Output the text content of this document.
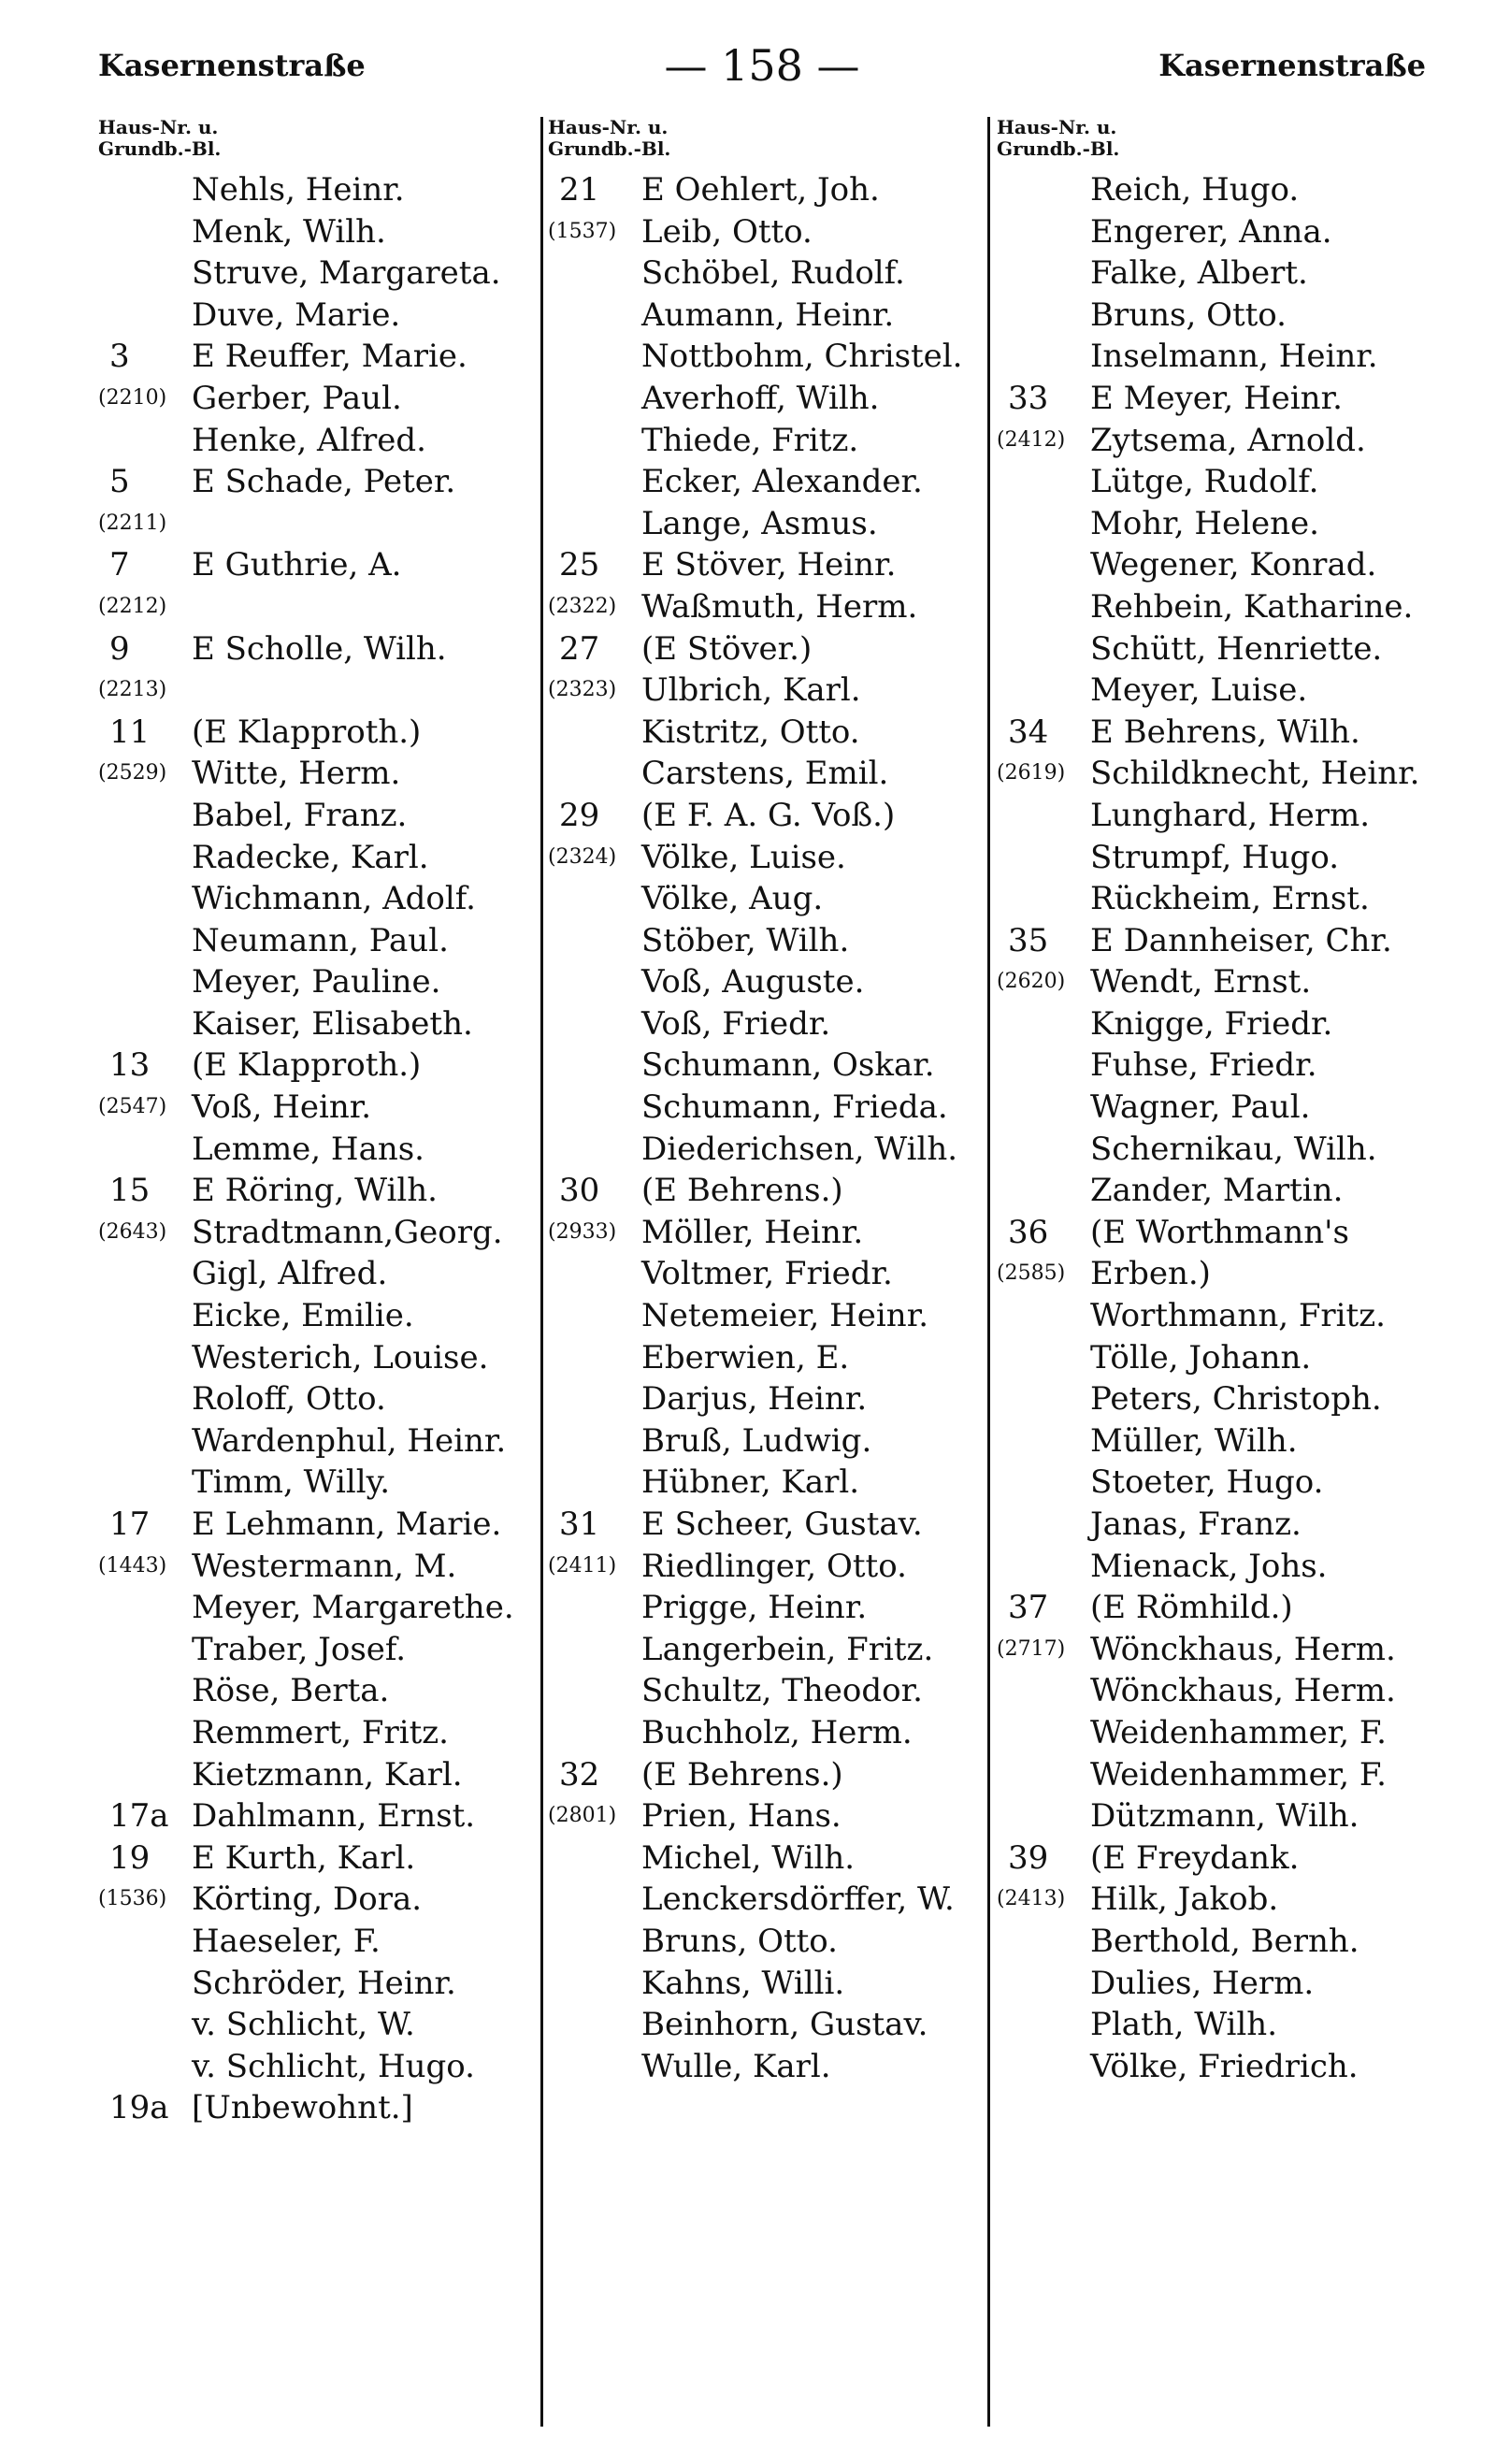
Kasernenstraße	— 158 —	Kasernenstraße
Haus-Nr. u.
Grundb.-Bl.
Nehls, Heinr.
Menk, Wilh.
Struve, Margareta.
Duve, Marie.
3	E Reuffer, Marie.
(2210) Gerber, Paul.
Henke, Alfred.
5	E Schade, Peter.
(2211)
7	E Guthrie, A.
(2212)
9	E Scholle, Wilh.
(2213)
11	(E Klapproth.)
(2529) Witte, Herm.
Babel, Franz.
Radecke, Karl.
Wichmann, Adolf.
Neumann, Paul.
Meyer, Pauline.
Kaiser, Elisabeth.
13	(E Klapproth.)
(2547) Voß, Heinr.
Lemme, Hans.
15	E Röring, Wilh.
(2643) Stradtmann,Georg.
Gigl, Alfred.
Eicke, Emilie.
Westerich, Louise.
Roloff, Otto.
Wardenphul, Heinr.
Timm, Willy.
17	E Lehmann, Marie.
(1443) Westermann, M.
Meyer, Margarethe.
Traber, Josef.
Röse, Berta.
Remmert, Fritz.
Kietzmann, Karl.
17a Dahlmann, Ernst.
19	E Kurth, Karl.
(1536) Körting, Dora.
Haeseler, F.
Schröder, Heinr.
v. Schlicht, W.
v. Schlicht, Hugo.
19a [Unbewohnt.]
Haus-Nr. u.
Grundb.-Bl.
21	E Oehlert, Joh.
(1537) Leib, Otto.
Schöbel, Rudolf.
Aumann, Heinr.
Nottbohm, Christel.
Averhoff, Wilh.
Thiede, Fritz.
Ecker, Alexander.
Lange, Asmus.
25	E Stöver, Heinr.
(2322) Waßmuth, Herm.
27	(E Stöver.)
(2323) Ulbrich, Karl.
Kistritz, Otto.
Carstens, Emil.
29	(E F. A. G. Voß.)
(2324) Völke, Luise.
Völke, Aug.
Stöber, Wilh.
Voß, Auguste.
Voß, Friedr.
Schumann, Oskar.
Schumann, Frieda.
Diederichsen, Wilh.
30	(E Behrens.)
(2933) Möller, Heinr.
Voltmer, Friedr.
Netemeier, Heinr.
Eberwien, E.
Darjus, Heinr.
Bruß, Ludwig.
Hübner, Karl.
31	E Scheer, Gustav.
(2411) Riedlinger, Otto.
Prigge, Heinr.
Langerbein, Fritz.
Schultz, Theodor.
Buchholz, Herm.
32	(E Behrens.)
(2801) Prien, Hans.
Michel, Wilh.
Lenckersdörffer, W.
Bruns, Otto.
Kahns, Willi.
Beinhorn, Gustav.
Wulle, Karl.
Haus-Nr. u.
Grundb.-Bl.
Reich, Hugo.
Engerer, Anna.
Falke, Albert.
Bruns, Otto.
Inselmann, Heinr.
33	E Meyer, Heinr.
(2412) Zytsema, Arnold.
Lütge, Rudolf.
Mohr, Helene.
Wegener, Konrad.
Rehbein, Katharine.
Schütt, Henriette.
Meyer, Luise.
34	E Behrens, Wilh.
(2619) Schildknecht, Heinr.
Lunghard, Herm.
Strumpf, Hugo.
Rückheim, Ernst.
35	E Dannheiser, Chr.
(2620) Wendt, Ernst.
Knigge, Friedr.
Fuhse, Friedr.
Wagner, Paul.
Schernikau, Wilh.
Zander, Martin.
36	(E Worthmann's
(2585) Erben.)
Worthmann, Fritz.
Tölle, Johann.
Peters, Christoph.
Müller, Wilh.
Stoeter, Hugo.
Janas, Franz.
Mienack, Johs.
37	(E Römhild.)
(2717) Wönckhaus, Herm.
Wönckhaus, Herm.
Weidenhammer, F.
Weidenhammer, F.
Dützmann, Wilh.
39	(E Freydank.
(2413) Hilk, Jakob.
Berthold, Bernh.
Dulies, Herm.
Plath, Wilh.
Völke, Friedrich.
